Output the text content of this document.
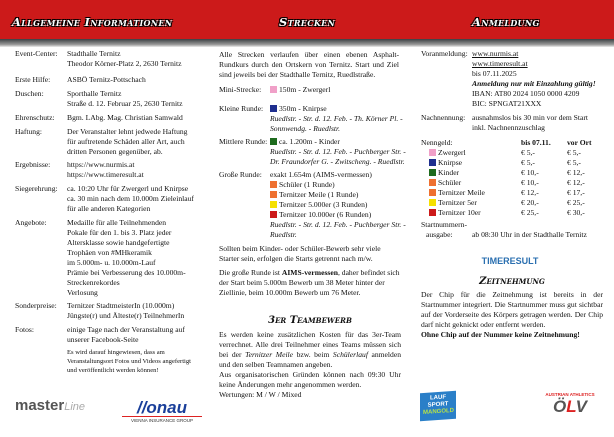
Allgemeine Informationen	Strecken	Anmeldung
Event-Center:	Stadthalle Ternitz
Theodor Körner-Platz 2, 2630 Ternitz
Erste Hilfe:	ASBÖ Ternitz-Pottschach
Duschen:	Sporthalle Ternitz
Straße d. 12. Februar 25, 2630 Ternitz
Ehrenschutz:	Bgm. LAbg. Mag. Christian Samwald
Haftung:	Der Veranstalter lehnt jedwede Haftung
für auftretende Schäden aller Art, auch
dritten Personen gegenüber, ab.
Ergebnisse:	https://www.nurmis.at
https://www.timeresult.at
Siegerehrung:	ca. 10:20 Uhr für Zwergerl und Knirpse
ca. 30 min nach dem 10.000m Zieleinlauf
für alle anderen Kategorien
Angebote:	Medaille für alle Teilnehmenden
Pokale für den 1. bis 3. Platz jeder
Altersklasse sowie handgefertigte
Trophäen von #MHkeramik
im 5.000m- u. 10.000m-Lauf
Prämie bei Verbesserung des 10.000m-
Streckenrekordes
Verlosung
Sonderpreise:	Ternitzer StadtmeisterIn (10.000m)
Jüngste(r) und Älteste(r) TeilnehmerIn
Fotos:	einige Tage nach der Veranstaltung auf
unserer Facebook-Seite
Es wird darauf hingewiesen, dass am
Veranstaltungsort Fotos und Videos angefertigt
und veröffentlicht werden können!
masterLine	//onau
VIENNA INSURANCE GROUP
Alle Strecken verlaufen über einen ebenen Asphalt-Rundkurs durch den Ortskern von Ternitz. Start und Ziel sind jeweils bei der Stadthalle Ternitz, Ruedlstraße.
Mini-Strecke:	150m - Zwergerl
Kleine Runde:	350m - Knirpse
Ruedlstr. - Str. d. 12. Feb. - Th. Körner Pl. -
Sonnwendg. - Ruedlstr.
Mittlere Runde:	ca. 1.200m - Kinder
Ruedlstr. - Str. d. 12. Feb. - Puchberger Str. -
Dr. Fraundorfer G. - Zwitscheng. - Ruedlstr.
Große Runde:	exakt 1.654m (AIMS-vermessen)
Schüler (1 Runde)
Ternitzer Meile (1 Runde)
Ternitzer 5.000er (3 Runden)
Ternitzer 10.000er (6 Runden)
Ruedlstr. - Str. d. 12. Feb. - Puchberger Str. -
Ruedlstr.
Sollten beim Kinder- oder Schüler-Bewerb sehr viele Starter sein, erfolgen die Starts getrennt nach m/w.
Die große Runde ist AIMS-vermessen, daher befindet sich der Start beim 5.000m Bewerb um 38 Meter hinter der Ziellinie, beim 10.000m Bewerb um 76 Meter.
3er Teambewerb
Es werden keine zusätzlichen Kosten für das 3er-Team verrechnet. Alle drei Teilnehmer eines Teams müssen sich bei der Ternitzer Meile bzw. beim Schülerlauf anmelden und den selben Teamnamen angeben.
Aus organisatorischen Gründen können nach 09:30 Uhr keine Änderungen mehr angenommen werden.
Wertungen: M / W / Mixed
Voranmeldung: www.nurmis.at
www.timeresult.at
bis 07.11.2025
Anmeldung nur mit Einzahlung gültig!
IBAN: AT80 2024 1050 0000 4209
BIC: SPNGAT21XXX
Nachnennung: ausnahmslos bis 30 min vor dem Start
inkl. Nachnennzuschlag
Nenngeld:	bis 07.11.	vor Ort
Zwergerl	€ 5,-	€ 5,-
Knirpse	€ 5,-	€ 5,-
Kinder	€ 10,-	€ 12,-
Schüler	€ 10,-	€ 12,-
Ternitzer Meile	€ 12,-	€ 17,-
Ternitzer 5er	€ 20,-	€ 25,-
Ternitzer 10er	€ 25,-	€ 30,-
Startnummern-
ausgabe:	ab 08:30 Uhr in der Stadthalle Ternitz
TIMERESULT
Zeitnehmung
Der Chip für die Zeitnehmung ist bereits in der Startnummer integriert. Die Startnummer muss gut sichtbar auf der Vorderseite des Körpers getragen werden. Der Chip darf nicht geknickt oder entfernt werden.
Ohne Chip auf der Nummer keine Zeitnehmung!
LAUF
SPORT
MANGOLD
AUSTRIAN ATHLETICS
ÖLV
